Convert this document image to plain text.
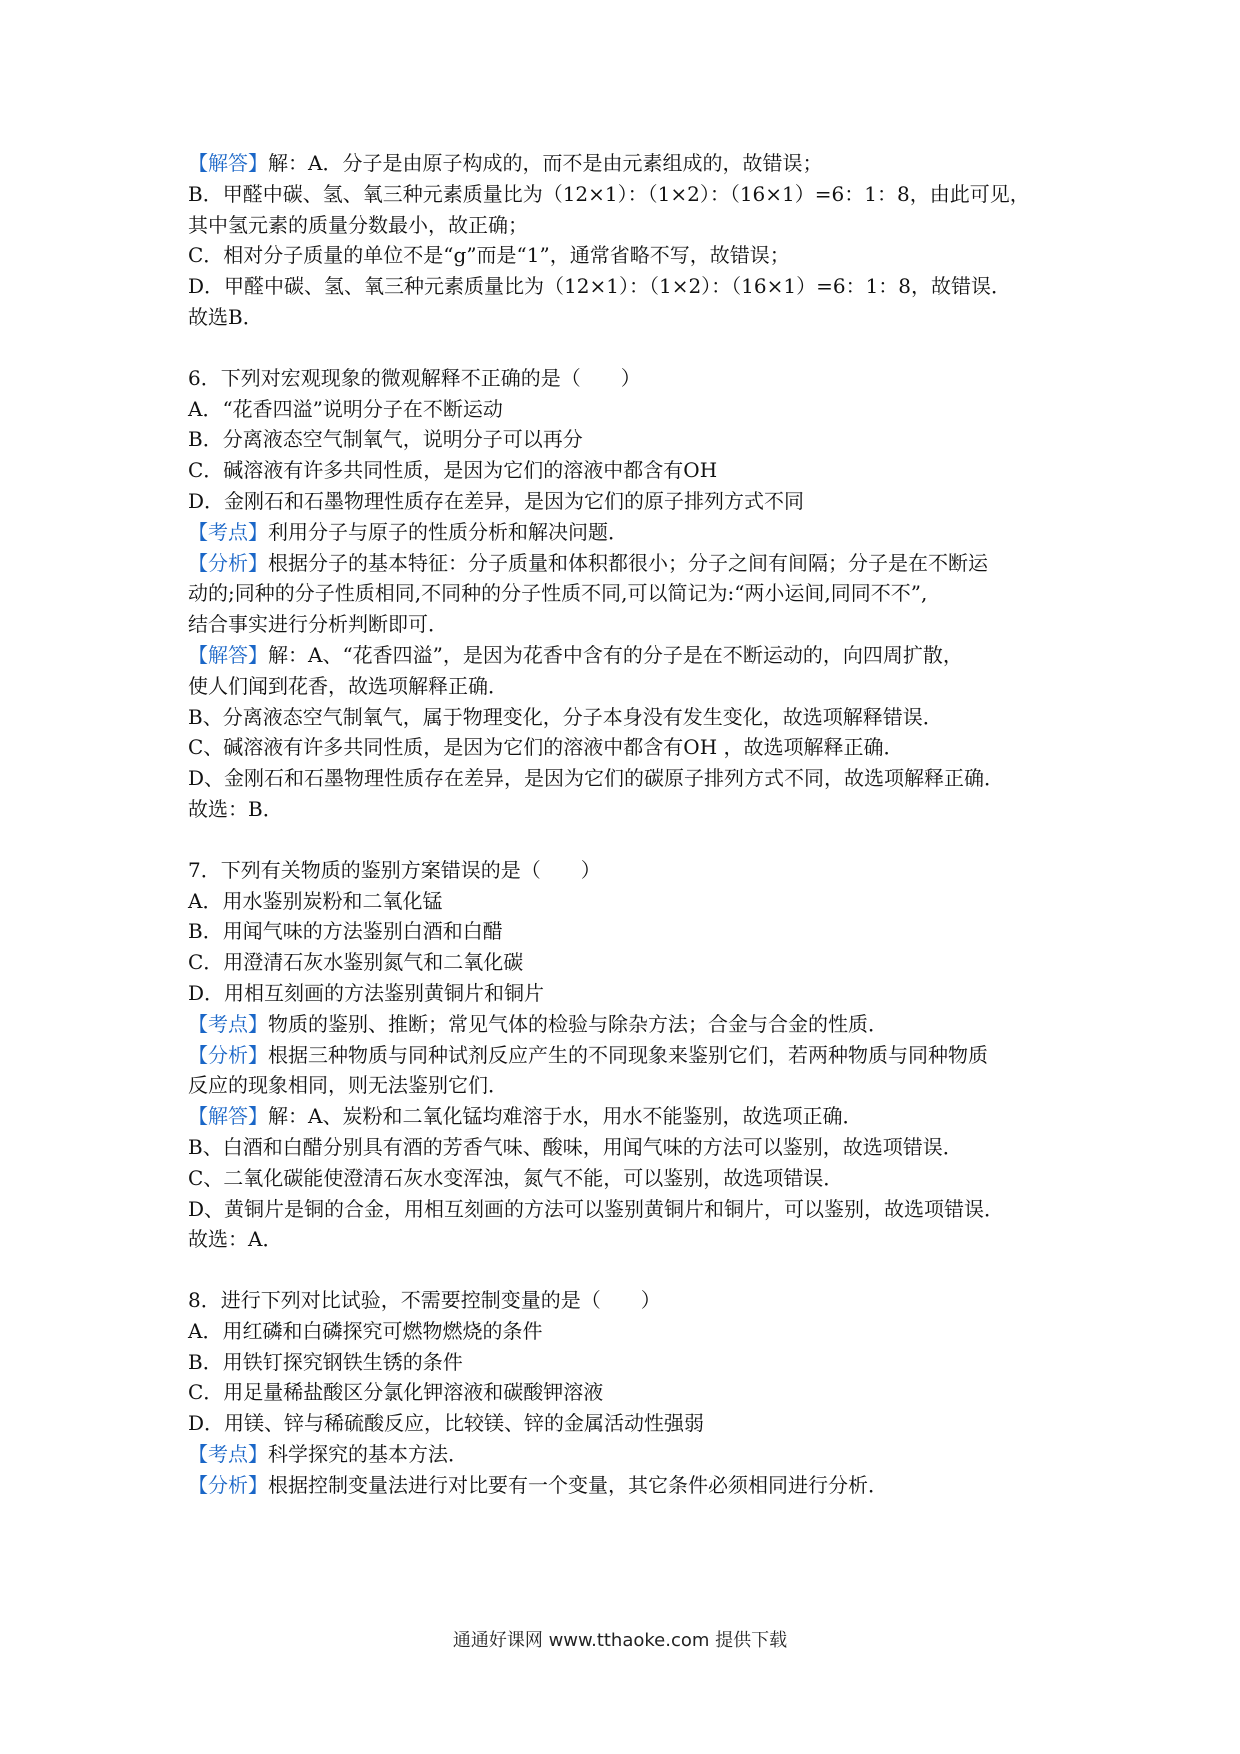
【解答】解：A．分子是由原子构成的，而不是由元素组成的，故错误；

B．甲醛中碳、氢、氧三种元素质量比为（12×1）：（1×2）：（16×1）=6：1：8，由此可见，

其中氢元素的质量分数最小，故正确；

C．相对分子质量的单位不是“g”而是“1”，通常省略不写，故错误；

D．甲醛中碳、氢、氧三种元素质量比为（12×1）：（1×2）：（16×1）=6：1：8，故错误．

故选B．

6．下列对宏观现象的微观解释不正确的是（　　）

A．“花香四溢”说明分子在不断运动

B．分离液态空气制氧气，说明分子可以再分

C．碱溶液有许多共同性质，是因为它们的溶液中都含有OH

D．金刚石和石墨物理性质存在差异，是因为它们的原子排列方式不同

【考点】利用分子与原子的性质分析和解决问题．

【分析】根据分子的基本特征：分子质量和体积都很小；分子之间有间隔；分子是在不断运

动的;同种的分子性质相同,不同种的分子性质不同,可以简记为:“两小运间,同同不不”,

结合事实进行分析判断即可．

【解答】解：A、“花香四溢”，是因为花香中含有的分子是在不断运动的，向四周扩散，

使人们闻到花香，故选项解释正确．

B、分离液态空气制氧气，属于物理变化，分子本身没有发生变化，故选项解释错误．

C、碱溶液有许多共同性质，是因为它们的溶液中都含有OH ，故选项解释正确．

D、金刚石和石墨物理性质存在差异，是因为它们的碳原子排列方式不同，故选项解释正确．

故选：B．

7．下列有关物质的鉴别方案错误的是（　　）

A．用水鉴别炭粉和二氧化锰

B．用闻气味的方法鉴别白酒和白醋

C．用澄清石灰水鉴别氮气和二氧化碳

D．用相互刻画的方法鉴别黄铜片和铜片

【考点】物质的鉴别、推断；常见气体的检验与除杂方法；合金与合金的性质．

【分析】根据三种物质与同种试剂反应产生的不同现象来鉴别它们，若两种物质与同种物质

反应的现象相同，则无法鉴别它们．

【解答】解：A、炭粉和二氧化锰均难溶于水，用水不能鉴别，故选项正确．

B、白酒和白醋分别具有酒的芳香气味、酸味，用闻气味的方法可以鉴别，故选项错误．

C、二氧化碳能使澄清石灰水变浑浊，氮气不能，可以鉴别，故选项错误．

D、黄铜片是铜的合金，用相互刻画的方法可以鉴别黄铜片和铜片，可以鉴别，故选项错误．

故选：A．

8．进行下列对比试验，不需要控制变量的是（　　）

A．用红磷和白磷探究可燃物燃烧的条件

B．用铁钉探究钢铁生锈的条件

C．用足量稀盐酸区分氯化钾溶液和碳酸钾溶液

D．用镁、锌与稀硫酸反应，比较镁、锌的金属活动性强弱

【考点】科学探究的基本方法．

【分析】根据控制变量法进行对比要有一个变量，其它条件必须相同进行分析．

通通好课网 www.tthaoke.com 提供下载
